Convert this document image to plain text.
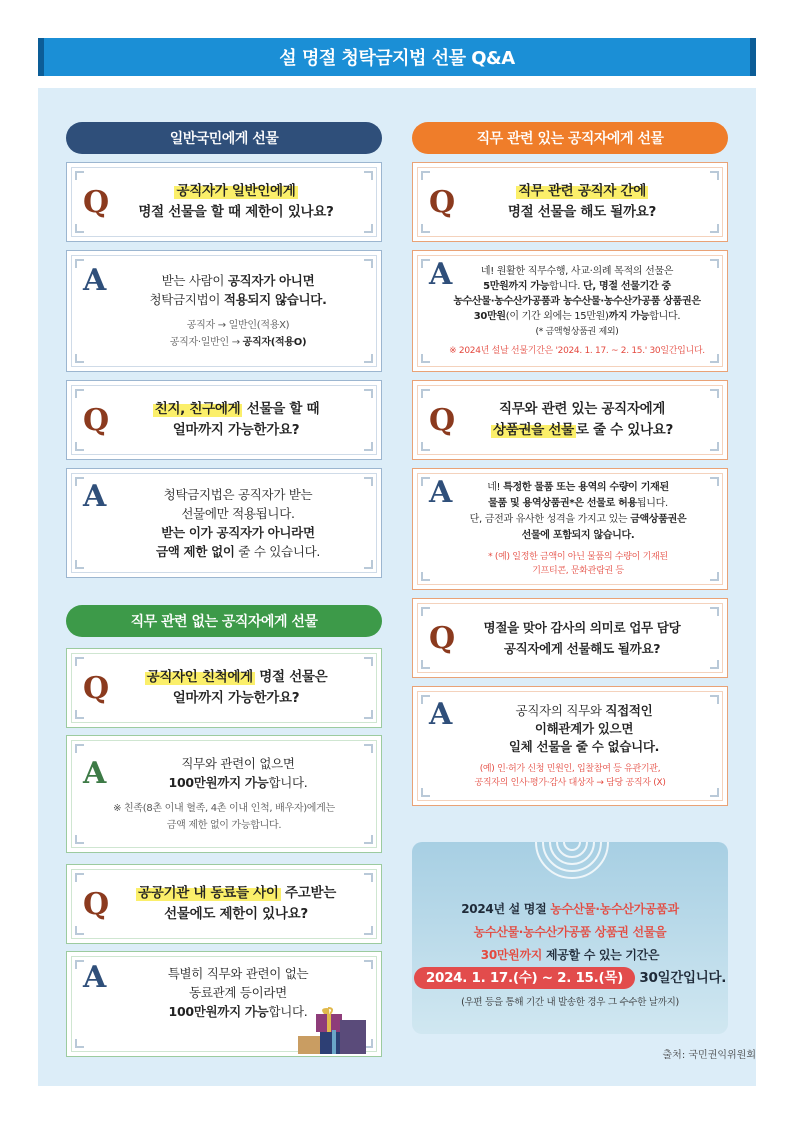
설 명절 청탁금지법 선물 Q&A
일반국민에게 선물
Q	공직자가 일반인에게
명절 선물을 할 때 제한이 있나요?
A	받는 사람이 공직자가 아니면
청탁금지법이 적용되지 않습니다.
공직자 → 일반인(적용X)
공직자·일반인 → 공직자(적용O)
Q	친지, 친구에게 선물을 할 때
얼마까지 가능한가요?
A	청탁금지법은 공직자가 받는
선물에만 적용됩니다.
받는 이가 공직자가 아니라면
금액 제한 없이 줄 수 있습니다.
직무 관련 없는 공직자에게 선물
Q	공직자인 친척에게 명절 선물은
얼마까지 가능한가요?
A	직무와 관련이 없으면
100만원까지 가능합니다.
※ 친족(8촌 이내 혈족, 4촌 이내 인척, 배우자)에게는
금액 제한 없이 가능합니다.
Q	공공기관 내 동료들 사이 주고받는
선물에도 제한이 있나요?
A	특별히 직무와 관련이 없는
동료관계 등이라면
100만원까지 가능합니다.
직무 관련 있는 공직자에게 선물
Q	직무 관련 공직자 간에
명절 선물을 해도 될까요?
A	네! 원활한 직무수행, 사교·의례 목적의 선물은
5만원까지 가능합니다. 단, 명절 선물기간 중
농수산물·농수산가공품과 농수산물·농수산가공품 상품권은
30만원(이 기간 외에는 15만원)까지 가능합니다.
(* 금액형상품권 제외)
※ 2024년 설날 선물기간은 '2024. 1. 17. ~ 2. 15.' 30일간입니다.
Q	직무와 관련 있는 공직자에게
상품권을 선물 로 줄 수 있나요?
A	네! 특정한 물품 또는 용역의 수량이 기재된
물품 및 용역상품권*은 선물로 허용됩니다.
단, 금전과 유사한 성격을 가지고 있는 금액상품권은
선물에 포함되지 않습니다.
* (예) 일정한 금액이 아닌 물품의 수량이 기재된
기프티콘, 문화관람권 등
Q	명절을 맞아 감사의 의미로 업무 담당
공직자에게 선물해도 될까요?
A	공직자의 직무와 직접적인
이해관계가 있으면
일체 선물을 줄 수 없습니다.
(예) 인·허가 신청 민원인, 입찰참여 등 유관기관,
공직자의 인사·평가·감사 대상자 → 담당 공직자 (X)
2024년 설 명절 농수산물·농수산가공품과
농수산물·농수산가공품 상품권 선물을
30만원까지 제공할 수 있는 기간은
2024. 1. 17.(수) ~ 2. 15.(목) 30일간입니다.
(우편 등을 통해 기간 내 발송한 경우 그 수수한 날까지)
출처: 국민권익위원회
